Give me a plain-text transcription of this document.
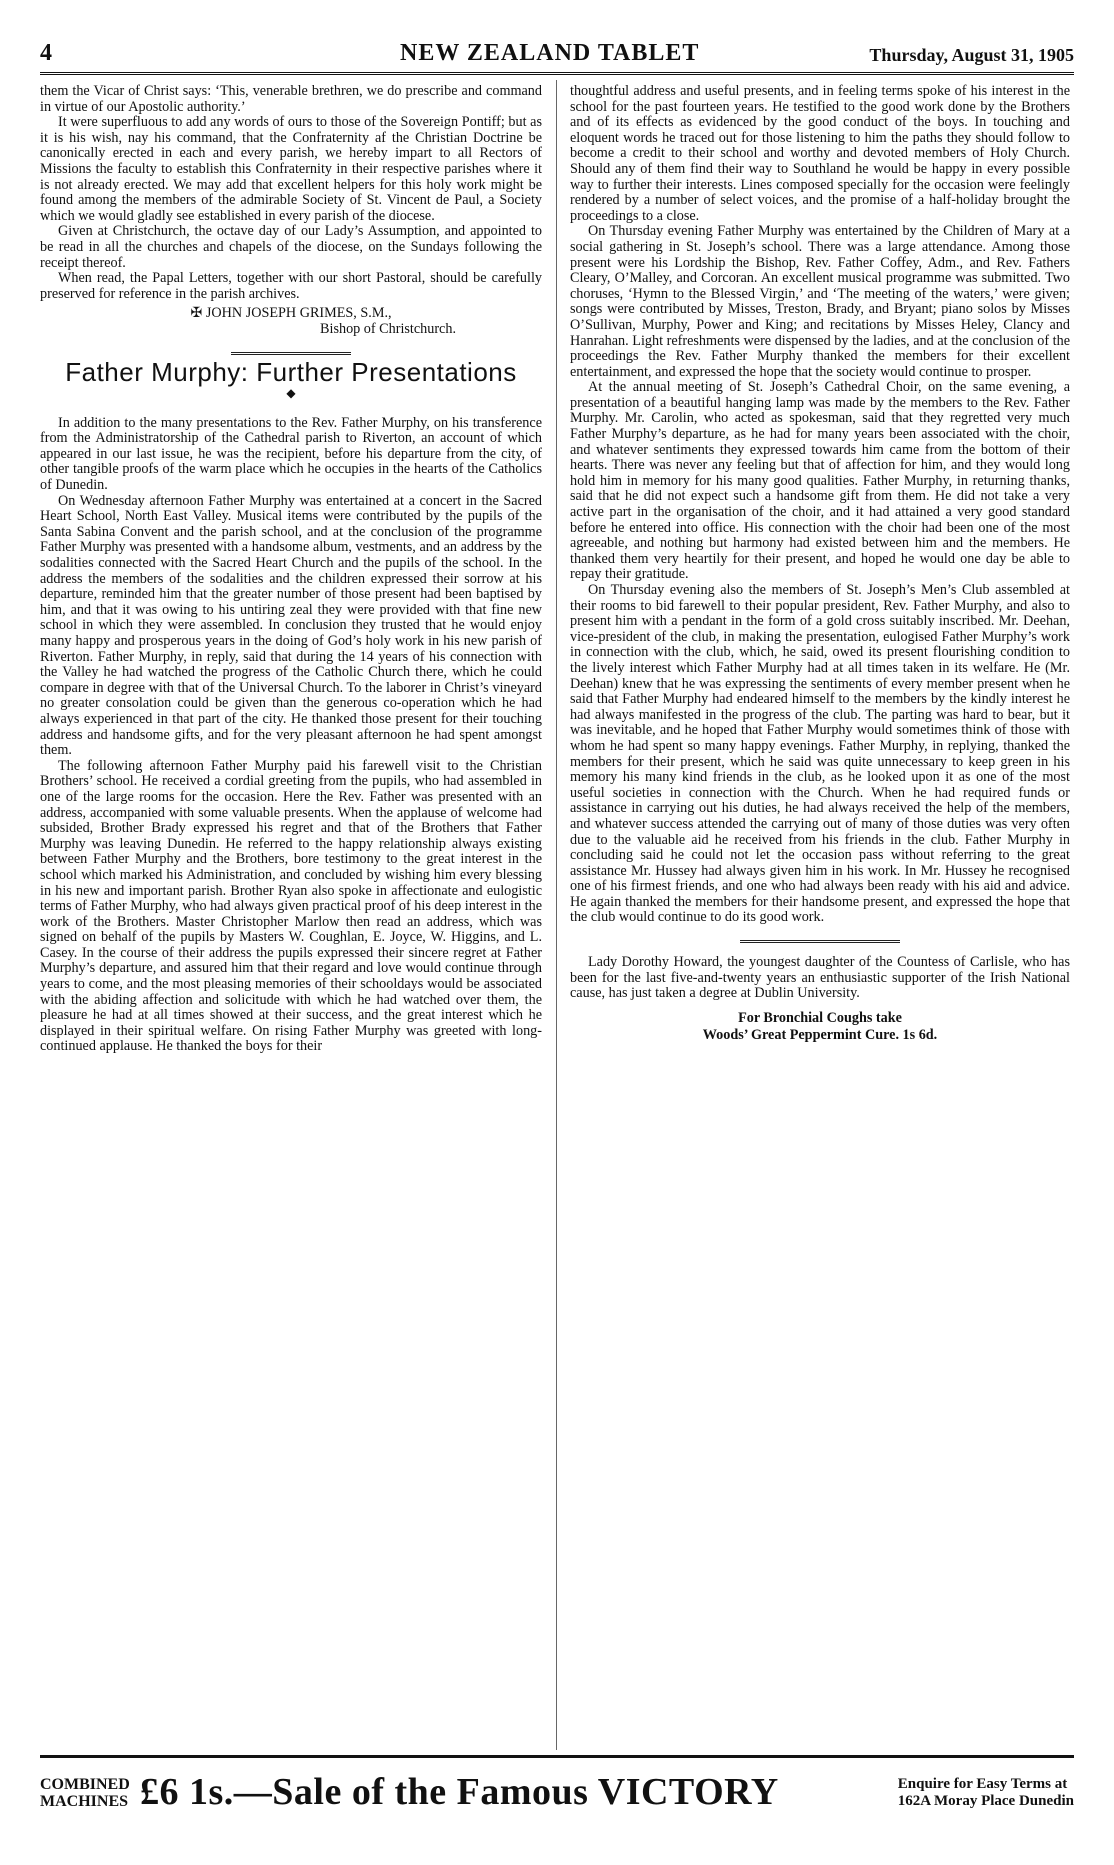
4	NEW ZEALAND TABLET	Thursday, August 31, 1905

them the Vicar of Christ says: ‘This, venerable brethren, we do prescribe and command in virtue of our Apostolic authority.’

It were superfluous to add any words of ours to those of the Sovereign Pontiff; but as it is his wish, nay his command, that the Confraternity af the Christian Doctrine be canonically erected in each and every parish, we hereby impart to all Rectors of Missions the faculty to establish this Confraternity in their respective parishes where it is not already erected. We may add that excellent helpers for this holy work might be found among the members of the admirable Society of St. Vincent de Paul, a Society which we would gladly see established in every parish of the diocese.

Given at Christchurch, the octave day of our Lady’s Assumption, and appointed to be read in all the churches and chapels of the diocese, on the Sundays following the receipt thereof.

When read, the Papal Letters, together with our short Pastoral, should be carefully preserved for reference in the parish archives.

✠ JOHN JOSEPH GRIMES, S.M.,
Bishop of Christchurch.
Father Murphy: Further Presentations
◆

In addition to the many presentations to the Rev. Father Murphy, on his transference from the Administratorship of the Cathedral parish to Riverton, an account of which appeared in our last issue, he was the recipient, before his departure from the city, of other tangible proofs of the warm place which he occupies in the hearts of the Catholics of Dunedin.

On Wednesday afternoon Father Murphy was entertained at a concert in the Sacred Heart School, North East Valley. Musical items were contributed by the pupils of the Santa Sabina Convent and the parish school, and at the conclusion of the programme Father Murphy was presented with a handsome album, vestments, and an address by the sodalities connected with the Sacred Heart Church and the pupils of the school. In the address the members of the sodalities and the children expressed their sorrow at his departure, reminded him that the greater number of those present had been baptised by him, and that it was owing to his untiring zeal they were provided with that fine new school in which they were assembled. In conclusion they trusted that he would enjoy many happy and prosperous years in the doing of God’s holy work in his new parish of Riverton. Father Murphy, in reply, said that during the 14 years of his connection with the Valley he had watched the progress of the Catholic Church there, which he could compare in degree with that of the Universal Church. To the laborer in Christ’s vineyard no greater consolation could be given than the generous co-operation which he had always experienced in that part of the city. He thanked those present for their touching address and handsome gifts, and for the very pleasant afternoon he had spent amongst them.

The following afternoon Father Murphy paid his farewell visit to the Christian Brothers’ school. He received a cordial greeting from the pupils, who had assembled in one of the large rooms for the occasion. Here the Rev. Father was presented with an address, accompanied with some valuable presents. When the applause of welcome had subsided, Brother Brady expressed his regret and that of the Brothers that Father Murphy was leaving Dunedin. He referred to the happy relationship always existing between Father Murphy and the Brothers, bore testimony to the great interest in the school which marked his Administration, and concluded by wishing him every blessing in his new and important parish. Brother Ryan also spoke in affectionate and eulogistic terms of Father Murphy, who had always given practical proof of his deep interest in the work of the Brothers. Master Christopher Marlow then read an address, which was signed on behalf of the pupils by Masters W. Coughlan, E. Joyce, W. Higgins, and L. Casey. In the course of their address the pupils expressed their sincere regret at Father Murphy’s departure, and assured him that their regard and love would continue through years to come, and the most pleasing memories of their schooldays would be associated with the abiding affection and solicitude with which he had watched over them, the pleasure he had at all times showed at their success, and the great interest which he displayed in their spiritual welfare. On rising Father Murphy was greeted with long-continued applause. He thanked the boys for their

thoughtful address and useful presents, and in feeling terms spoke of his interest in the school for the past fourteen years. He testified to the good work done by the Brothers and of its effects as evidenced by the good conduct of the boys. In touching and eloquent words he traced out for those listening to him the paths they should follow to become a credit to their school and worthy and devoted members of Holy Church. Should any of them find their way to Southland he would be happy in every possible way to further their interests. Lines composed specially for the occasion were feelingly rendered by a number of select voices, and the promise of a half-holiday brought the proceedings to a close.

On Thursday evening Father Murphy was entertained by the Children of Mary at a social gathering in St. Joseph’s school. There was a large attendance. Among those present were his Lordship the Bishop, Rev. Father Coffey, Adm., and Rev. Fathers Cleary, O’Malley, and Corcoran. An excellent musical programme was submitted. Two choruses, ‘Hymn to the Blessed Virgin,’ and ‘The meeting of the waters,’ were given; songs were contributed by Misses, Treston, Brady, and Bryant; piano solos by Misses O’Sullivan, Murphy, Power and King; and recitations by Misses Heley, Clancy and Hanrahan. Light refreshments were dispensed by the ladies, and at the conclusion of the proceedings the Rev. Father Murphy thanked the members for their excellent entertainment, and expressed the hope that the society would continue to prosper.

At the annual meeting of St. Joseph’s Cathedral Choir, on the same evening, a presentation of a beautiful hanging lamp was made by the members to the Rev. Father Murphy. Mr. Carolin, who acted as spokesman, said that they regretted very much Father Murphy’s departure, as he had for many years been associated with the choir, and whatever sentiments they expressed towards him came from the bottom of their hearts. There was never any feeling but that of affection for him, and they would long hold him in memory for his many good qualities. Father Murphy, in returning thanks, said that he did not expect such a handsome gift from them. He did not take a very active part in the organisation of the choir, and it had attained a very good standard before he entered into office. His connection with the choir had been one of the most agreeable, and nothing but harmony had existed between him and the members. He thanked them very heartily for their present, and hoped he would one day be able to repay their gratitude.

On Thursday evening also the members of St. Joseph’s Men’s Club assembled at their rooms to bid farewell to their popular president, Rev. Father Murphy, and also to present him with a pendant in the form of a gold cross suitably inscribed. Mr. Deehan, vice-president of the club, in making the presentation, eulogised Father Murphy’s work in connection with the club, which, he said, owed its present flourishing condition to the lively interest which Father Murphy had at all times taken in its welfare. He (Mr. Deehan) knew that he was expressing the sentiments of every member present when he said that Father Murphy had endeared himself to the members by the kindly interest he had always manifested in the progress of the club. The parting was hard to bear, but it was inevitable, and he hoped that Father Murphy would sometimes think of those with whom he had spent so many happy evenings. Father Murphy, in replying, thanked the members for their present, which he said was quite unnecessary to keep green in his memory his many kind friends in the club, as he looked upon it as one of the most useful societies in connection with the Church. When he had required funds or assistance in carrying out his duties, he had always received the help of the members, and whatever success attended the carrying out of many of those duties was very often due to the valuable aid he received from his friends in the club. Father Murphy in concluding said he could not let the occasion pass without referring to the great assistance Mr. Hussey had always given him in his work. In Mr. Hussey he recognised one of his firmest friends, and one who had always been ready with his aid and advice. He again thanked the members for their handsome present, and expressed the hope that the club would continue to do its good work.

Lady Dorothy Howard, the youngest daughter of the Countess of Carlisle, who has been for the last five-and-twenty years an enthusiastic supporter of the Irish National cause, has just taken a degree at Dublin University.

For Bronchial Coughs take
Woods’ Great Peppermint Cure. 1s 6d.
COMBINED
MACHINES £6 1s.—Sale of the Famous VICTORY	Enquire for Easy Terms at
162A Moray Place Dunedin
